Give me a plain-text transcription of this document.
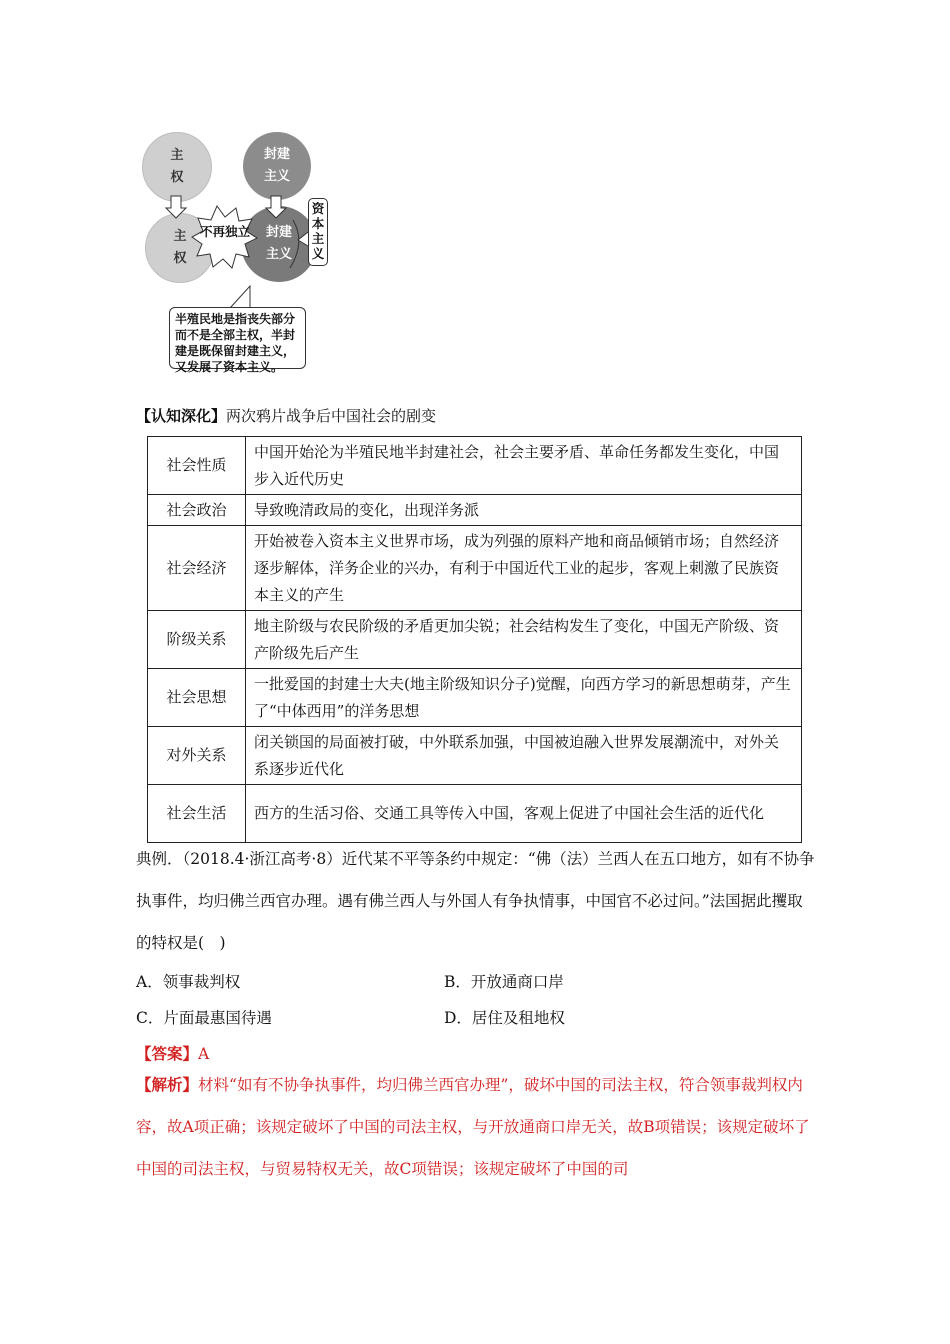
主权
封建主义
主权
封建主义
不再独立
资本主义
半殖民地是指丧失部分而不是全部主权，半封建是既保留封建主义，又发展了资本主义。
【认知深化】两次鸦片战争后中国社会的剧变
社会性质	中国开始沦为半殖民地半封建社会，社会主要矛盾、革命任务都发生变化，中国步入近代历史
社会政治	导致晚清政局的变化，出现洋务派
社会经济	开始被卷入资本主义世界市场，成为列强的原料产地和商品倾销市场；自然经济逐步解体，洋务企业的兴办，有利于中国近代工业的起步，客观上刺激了民族资本主义的产生
阶级关系	地主阶级与农民阶级的矛盾更加尖锐；社会结构发生了变化，中国无产阶级、资产阶级先后产生
社会思想	一批爱国的封建士大夫(地主阶级知识分子)觉醒，向西方学习的新思想萌芽，产生了“中体西用”的洋务思想
对外关系	闭关锁国的局面被打破，中外联系加强，中国被迫融入世界发展潮流中，对外关系逐步近代化
社会生活	西方的生活习俗、交通工具等传入中国，客观上促进了中国社会生活的近代化
典例．（2018.4·浙江高考·8）近代某不平等条约中规定：“佛（法）兰西人在五口地方，如有不协争执事件，均归佛兰西官办理。遇有佛兰西人与外国人有争执情事，中国官不必过问。”法国据此攫取的特权是(　)
A．领事裁判权	B．开放通商口岸
C．片面最惠国待遇	D．居住及租地权
【答案】A
【解析】材料“如有不协争执事件，均归佛兰西官办理”，破坏中国的司法主权，符合领事裁判权内容，故A项正确；该规定破坏了中国的司法主权，与开放通商口岸无关，故B项错误；该规定破坏了中国的司法主权，与贸易特权无关，故C项错误；该规定破坏了中国的司
